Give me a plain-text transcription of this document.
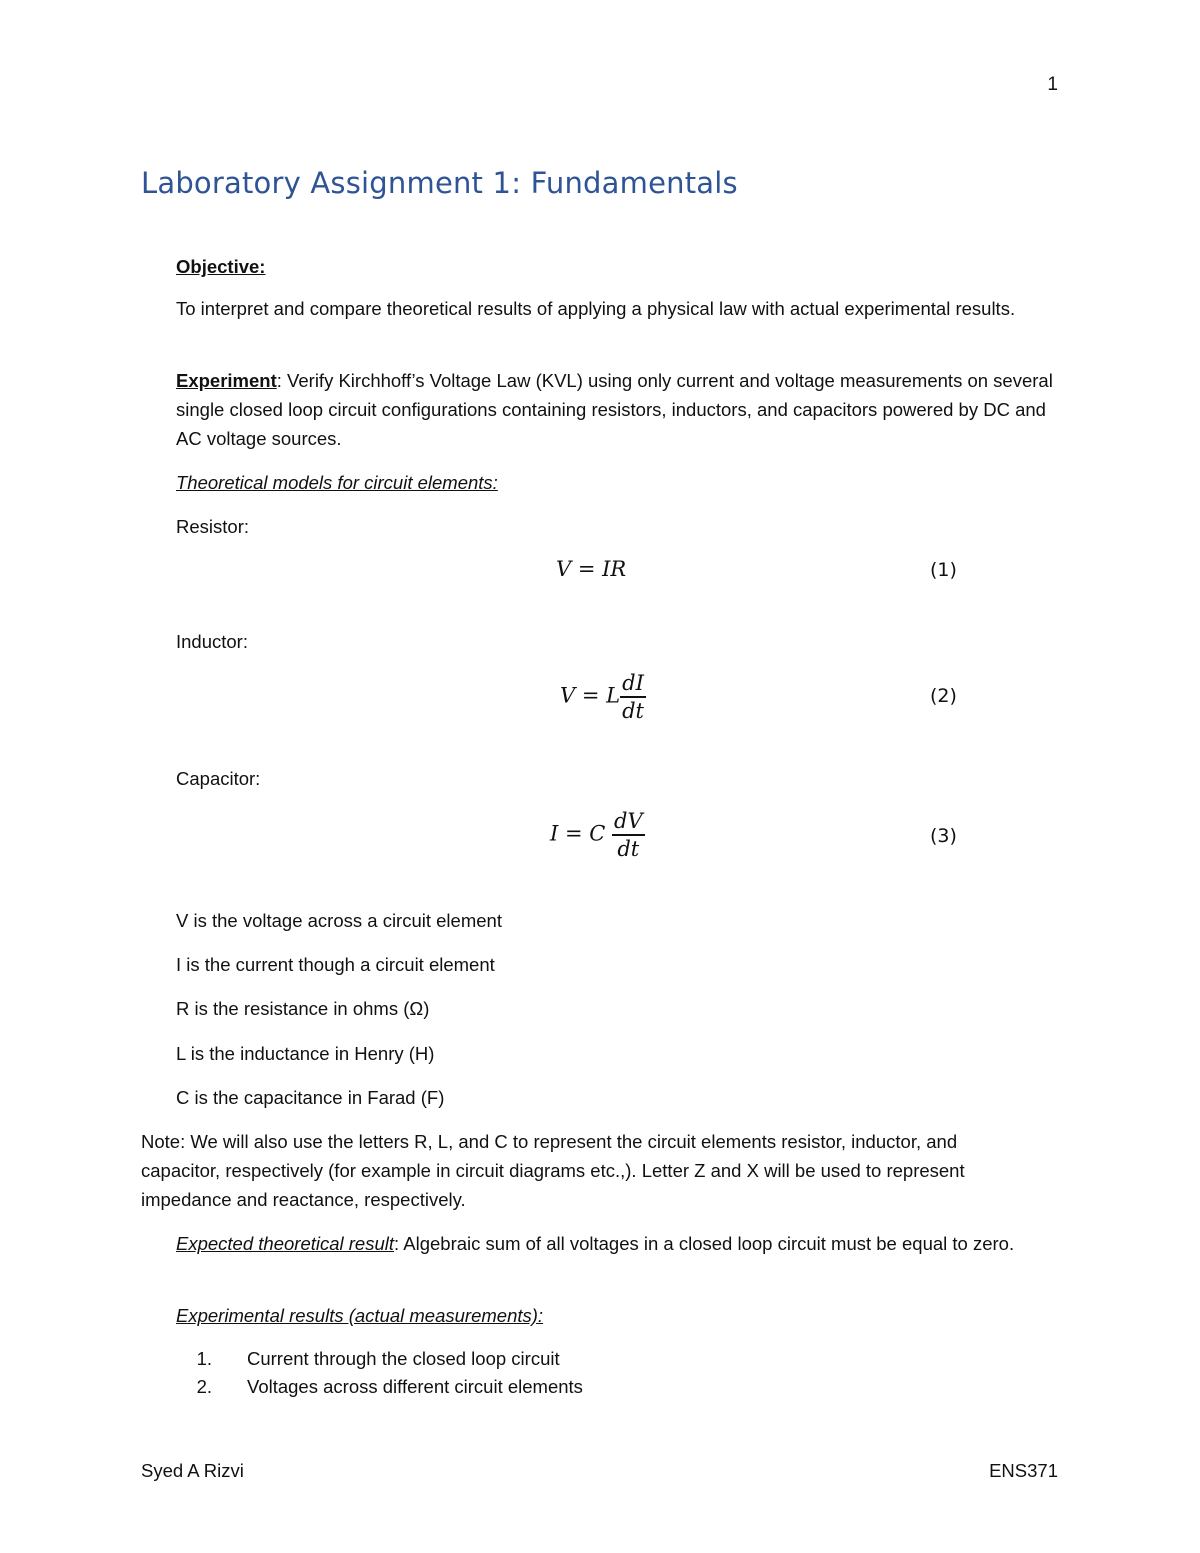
1
Laboratory Assignment 1: Fundamentals
Objective:
To interpret and compare theoretical results of applying a physical law with actual experimental results.
Experiment: Verify Kirchhoff’s Voltage Law (KVL) using only current and voltage measurements on several single closed loop circuit configurations containing resistors, inductors, and capacitors powered by DC and AC voltage sources.
Theoretical models for circuit elements:
Resistor:
V = IR	(1)
Inductor:
V = L $\frac{dI}{dt}$	(2)
Capacitor:
I = C $\frac{dV}{dt}$	(3)
V is the voltage across a circuit element
I is the current though a circuit element
R is the resistance in ohms (Ω)
L is the inductance in Henry (H)
C is the capacitance in Farad (F)
Note: We will also use the letters R, L, and C to represent the circuit elements resistor, inductor, and capacitor, respectively (for example in circuit diagrams etc.,). Letter Z and X will be used to represent impedance and reactance, respectively.
Expected theoretical result: Algebraic sum of all voltages in a closed loop circuit must be equal to zero.
Experimental results (actual measurements):
1. Current through the closed loop circuit
2. Voltages across different circuit elements
Syed A Rizvi	ENS371
